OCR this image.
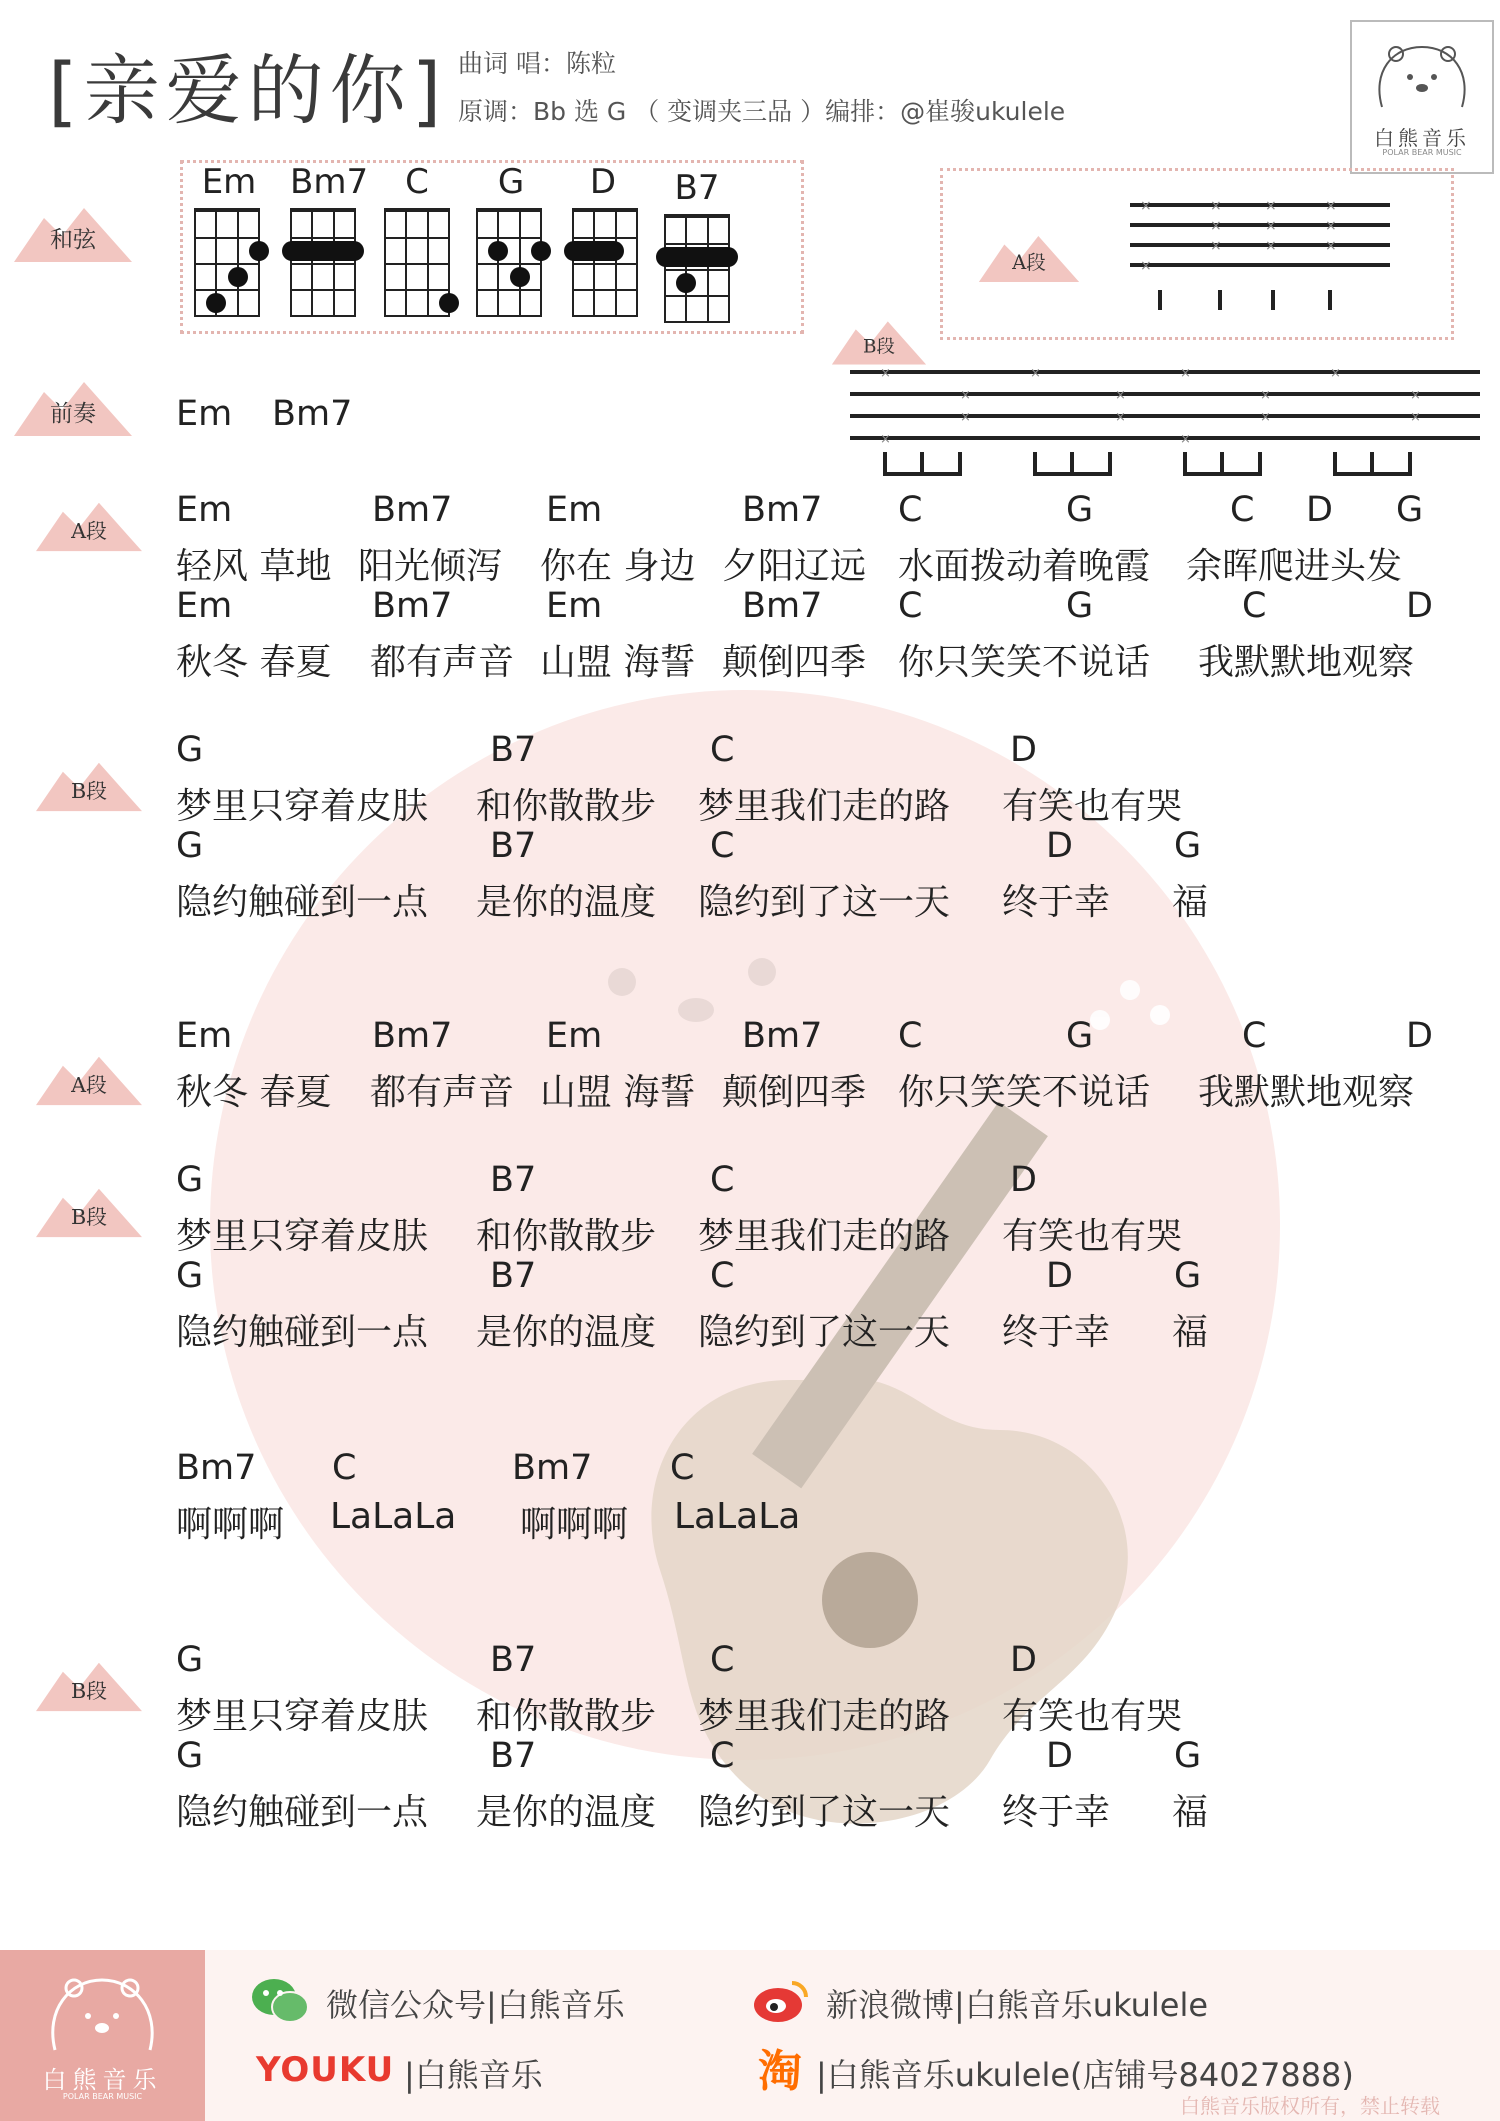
[亲爱的你] 曲词 唱：陈粒
原调：Bb 选 G （ 变调夹三品 ）编排：@崔骏ukulele
白熊音乐
POLAR BEAR MUSIC
和弦
前奏
A段
B段
A段
B段
B段
Em Bm7	C	G	D	B7
A段
×	×	×	×
×	×	×
×	×	×
×
B段
×	×	×	×
×	×	×	×
×	×	×	×
×	×
Em Bm7
Em	Bm7	Em	Bm7 C	G	C D G
轻风 草地 阳光倾泻 你在 身边 夕阳辽远 水面拨动着晚霞 余晖爬进头发
Em	Bm7	Em	Bm7 C	G	C	D
秋冬 春夏 都有声音 山盟 海誓 颠倒四季 你只笑笑不说话 我默默地观察
G	B7	C	D
梦里只穿着皮肤 和你散散步 梦里我们走的路 有笑也有哭
G	B7	C	D	G
隐约触碰到一点 是你的温度 隐约到了这一天 终于幸 福
Em	Bm7	Em	Bm7 C	G	C	D
秋冬 春夏 都有声音 山盟 海誓 颠倒四季 你只笑笑不说话 我默默地观察
G	B7	C	D
梦里只穿着皮肤 和你散散步 梦里我们走的路 有笑也有哭
G	B7	C	D	G
隐约触碰到一点 是你的温度 隐约到了这一天 终于幸 福
Bm7 C	Bm7 C
啊啊啊 LaLaLa 啊啊啊 LaLaLa
G	B7	C	D
梦里只穿着皮肤 和你散散步 梦里我们走的路 有笑也有哭
G	B7	C	D	G
隐约触碰到一点 是你的温度 隐约到了这一天 终于幸 福
白熊音乐
POLAR BEAR MUSIC
微信公众号|白熊音乐	新浪微博|白熊音乐ukulele
YOUKU |白熊音乐	淘 |白熊音乐ukulele(店铺号84027888)
白熊音乐版权所有，禁止转载
